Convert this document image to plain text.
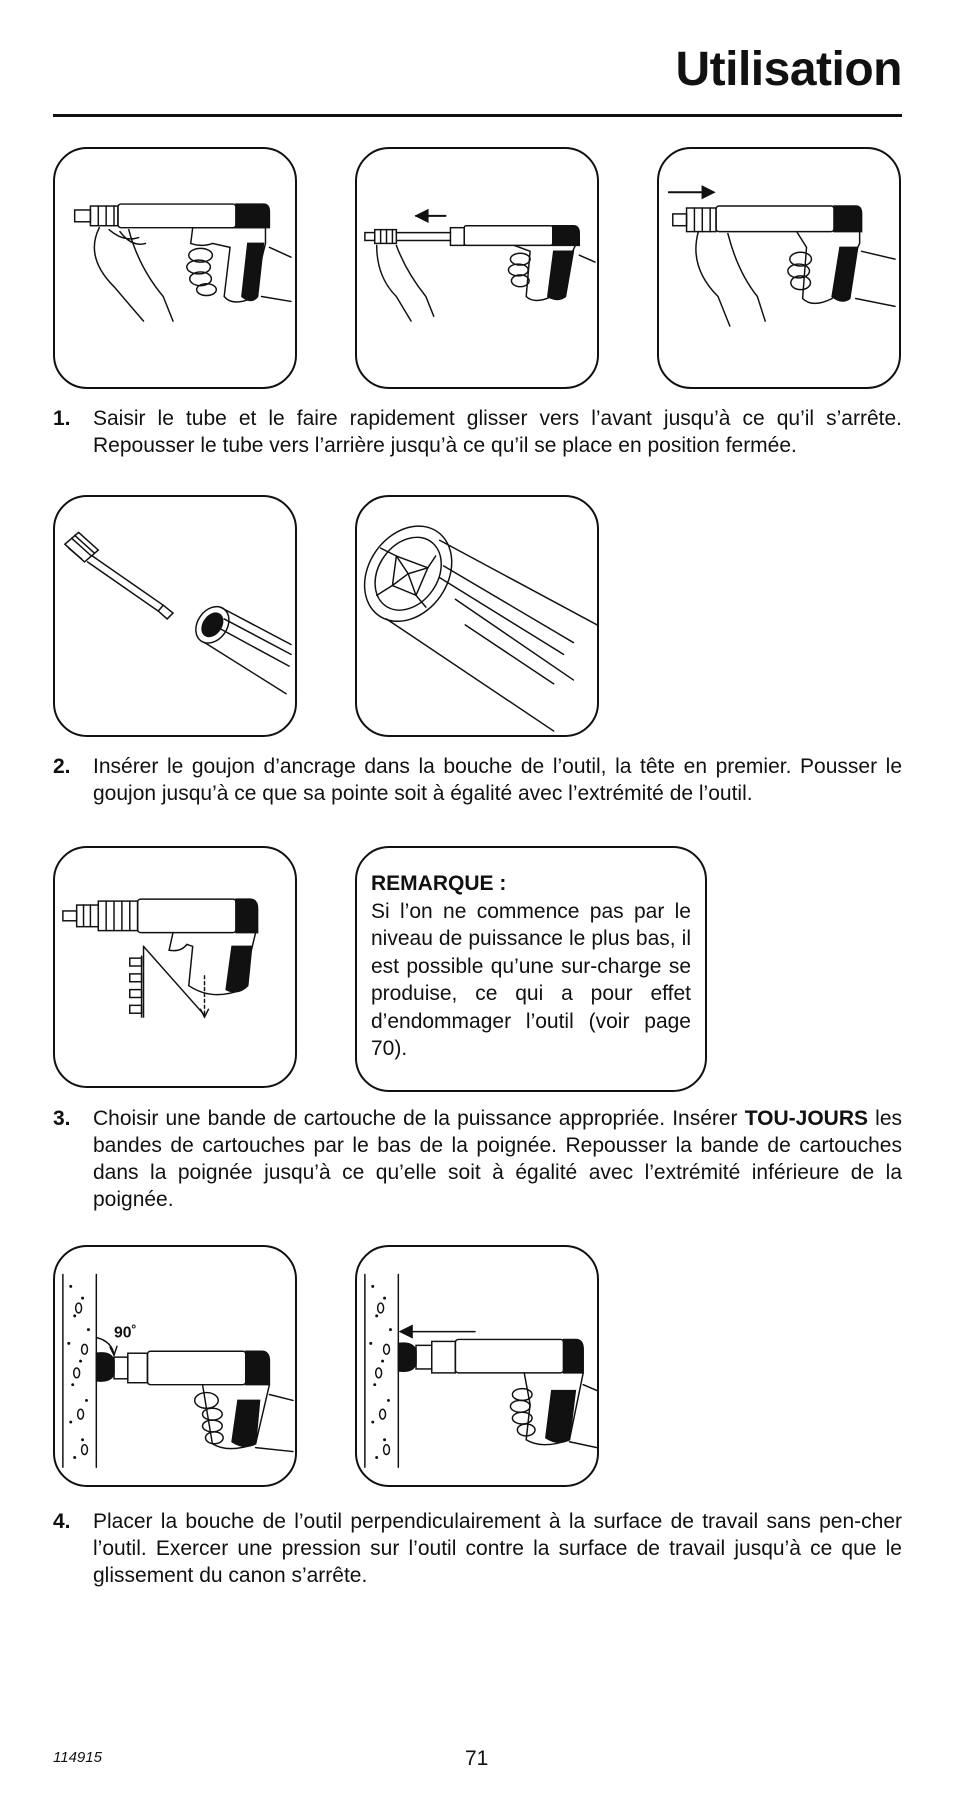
Utilisation
1. Saisir le tube et le faire rapidement glisser vers l’avant jusqu’à ce qu’il s’arrête. Repousser le tube vers l’arrière jusqu’à ce qu’il se place en position fermée.
2. Insérer le goujon d’ancrage dans la bouche de l’outil, la tête en premier. Pousser le goujon jusqu’à ce que sa pointe soit à égalité avec l’extrémité de l’outil.
REMARQUE :
Si l’on ne commence pas par le niveau de puissance le plus bas, il est possible qu’une sur-charge se produise, ce qui a pour effet d’endommager l’outil (voir page 70).
3. Choisir une bande de cartouche de la puissance appropriée. Insérer TOU-JOURS les bandes de cartouches par le bas de la poignée. Repousser la bande de cartouches dans la poignée jusqu’à ce qu’elle soit à égalité avec l’extrémité inférieure de la poignée.
90˚
4. Placer la bouche de l’outil perpendiculairement à la surface de travail sans pen-cher l’outil. Exercer une pression sur l’outil contre la surface de travail jusqu’à ce que le glissement du canon s’arrête.
114915	71
